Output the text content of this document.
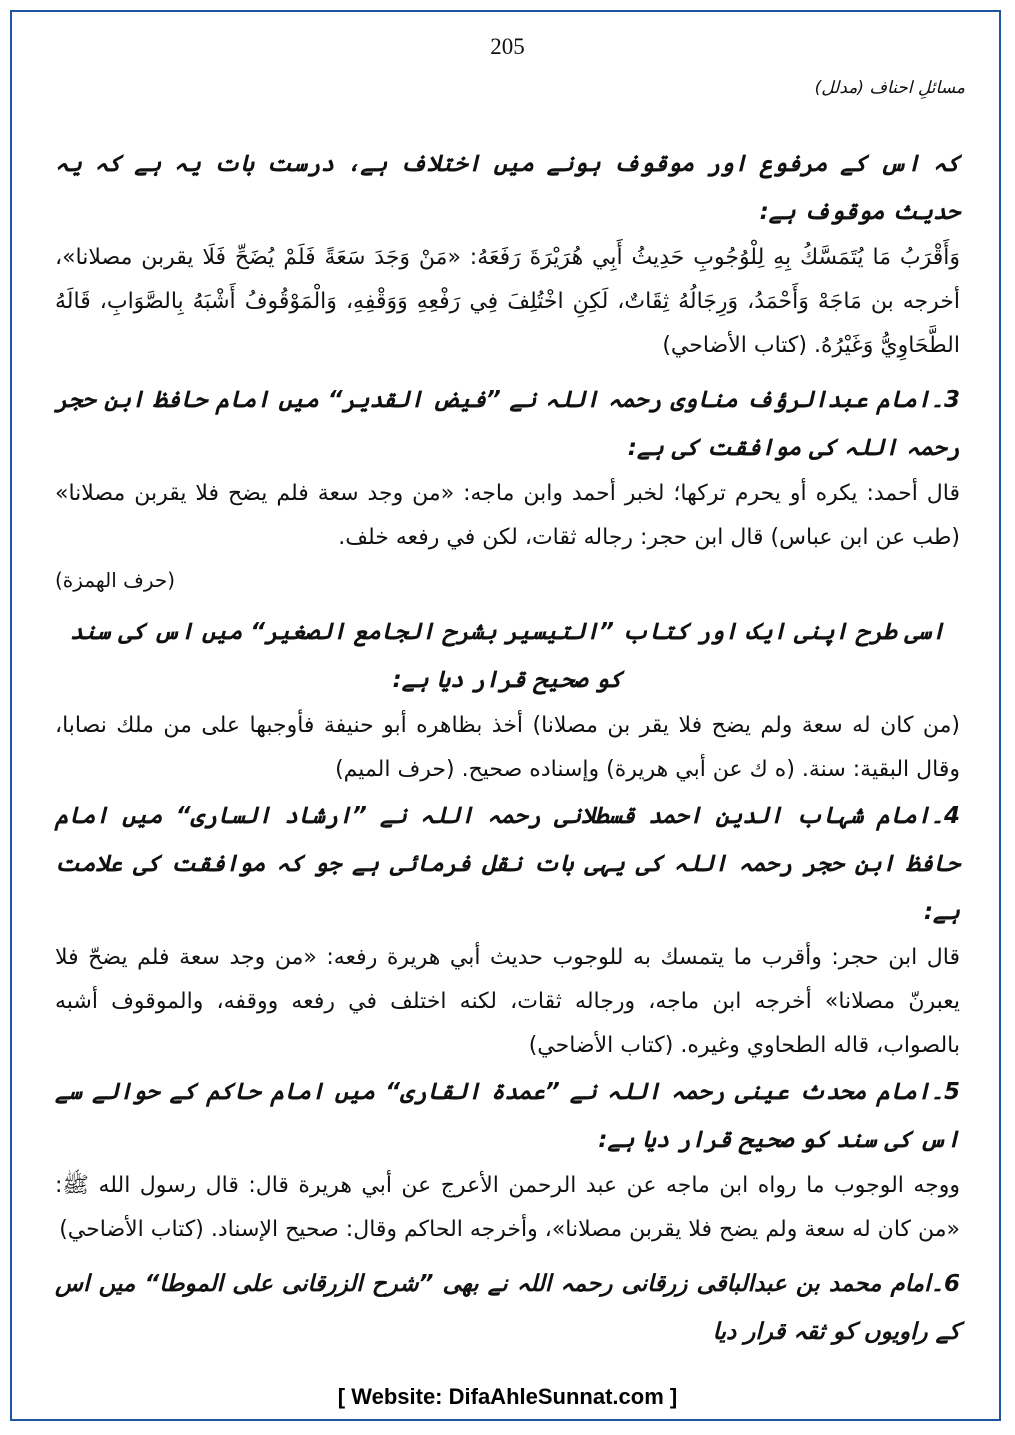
205
مسائلِ احناف (مدلل)

کہ اس کے مرفوع اور موقوف ہونے میں اختلاف ہے، درست بات یہ ہے کہ یہ حدیث موقوف ہے:

وَأَقْرَبُ مَا يُتَمَسَّكُ بِهِ لِلْوُجُوبِ حَدِيثُ أَبِي هُرَيْرَةَ رَفَعَهُ: «مَنْ وَجَدَ سَعَةً فَلَمْ يُضَحِّ فَلَا يقربن مصلانا»، أخرجه بن مَاجَهْ وَأَحْمَدُ، وَرِجَالُهُ ثِقَاتٌ، لَكِنِ اخْتُلِفَ فِي رَفْعِهِ وَوَقْفِهِ، وَالْمَوْقُوفُ أَشْبَهُ بِالصَّوَابِ، قَالَهُ الطَّحَاوِيُّ وَغَيْرُهُ. (كتاب الأضاحي)

3۔امام عبدالرؤف مناوی رحمہ اللہ نے ”فیض القدیر“ میں امام حافظ ابن حجر رحمہ اللہ کی موافقت کی ہے:

قال أحمد: يكره أو يحرم تركها؛ لخبر أحمد وابن ماجه: «من وجد سعة فلم يضح فلا يقربن مصلانا» (طب عن ابن عباس) قال ابن حجر: رجاله ثقات، لكن في رفعه خلف.

(حرف الهمزة)

اسی طرح اپنی ایک اور کتاب ”التیسیر بشرح الجامع الصغیر“ میں اس کی سند کو صحیح قرار دیا ہے:

(من كان له سعة ولم يضح فلا يقر بن مصلانا) أخذ بظاهره أبو حنيفة فأوجبها على من ملك نصابا، وقال البقية: سنة. (ه ك عن أبي هريرة) وإسناده صحيح. (حرف الميم)

4۔امام شہاب الدین احمد قسطلانی رحمہ اللہ نے ”ارشاد الساری“ میں امام حافظ ابن حجر رحمہ اللہ کی یہی بات نقل فرمائی ہے جو کہ موافقت کی علامت ہے:

قال ابن حجر: وأقرب ما يتمسك به للوجوب حديث أبي هريرة رفعه: «من وجد سعة فلم يضحّ فلا يعبرنّ مصلانا» أخرجه ابن ماجه، ورجاله ثقات، لكنه اختلف في رفعه ووقفه، والموقوف أشبه بالصواب، قاله الطحاوي وغيره. (كتاب الأضاحي)

5۔امام محدث عینی رحمہ اللہ نے ”عمدۃ القاری“ میں امام حاکم کے حوالے سے اس کی سند کو صحیح قرار دیا ہے:

ووجه الوجوب ما رواه ابن ماجه عن عبد الرحمن الأعرج عن أبي هريرة قال: قال رسول الله ﷺ: «من كان له سعة ولم يضح فلا يقربن مصلانا»، وأخرجه الحاكم وقال: صحيح الإسناد. (كتاب الأضاحي)

6۔امام محمد بن عبدالباقی زرقانی رحمہ اللہ نے بھی ”شرح الزرقانی علی الموطا“ میں اس کے راویوں کو ثقہ قرار دیا

[ Website: DifaAhleSunnat.com ]
